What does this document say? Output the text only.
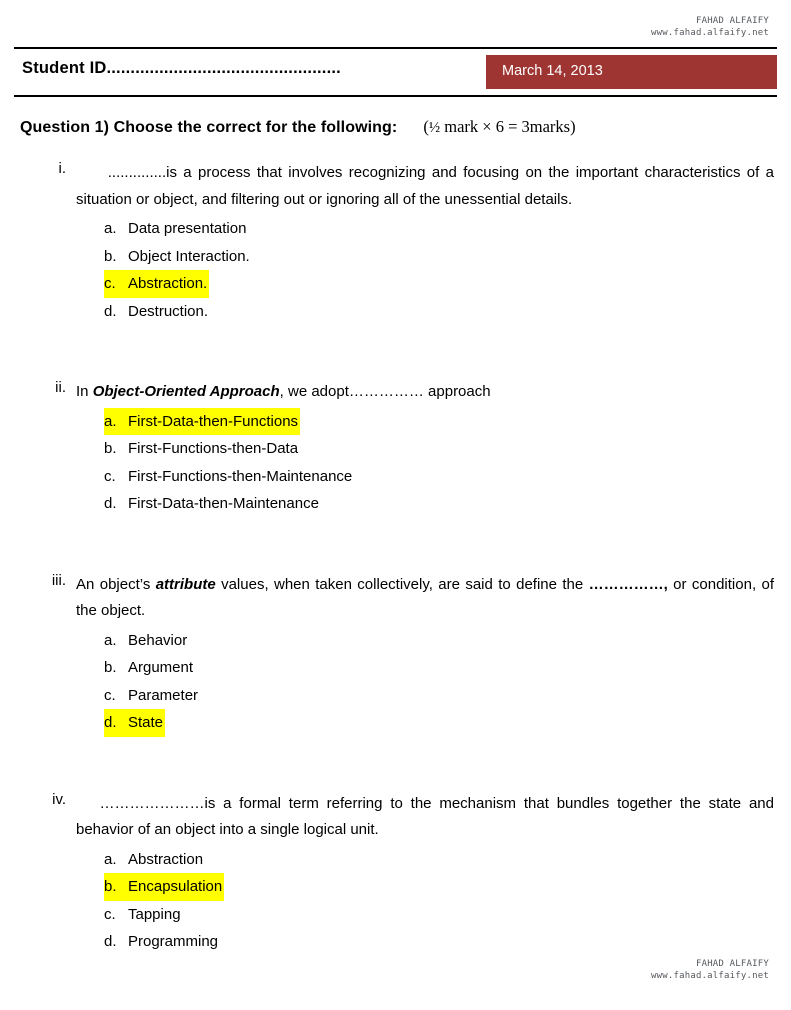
FAHAD ALFAIFY
www.fahad.alfaify.net
Student ID.................................................	March 14, 2013
Question 1) Choose the correct for the following: (½ mark × 6 = 3marks)
i. ..............is a process that involves recognizing and focusing on the important characteristics of a situation or object, and filtering out or ignoring all of the unessential details.
a. Data presentation
b. Object Interaction.
c. Abstraction.
d. Destruction.
ii. In Object-Oriented Approach, we adopt…………… approach
a. First-Data-then-Functions
b. First-Functions-then-Data
c. First-Functions-then-Maintenance
d. First-Data-then-Maintenance
iii. An object’s attribute values, when taken collectively, are said to define the ……………, or condition, of the object.
a. Behavior
b. Argument
c. Parameter
d. State
iv. …………………is a formal term referring to the mechanism that bundles together the state and behavior of an object into a single logical unit.
a. Abstraction
b. Encapsulation
c. Tapping
d. Programming
FAHAD ALFAIFY
www.fahad.alfaify.net
